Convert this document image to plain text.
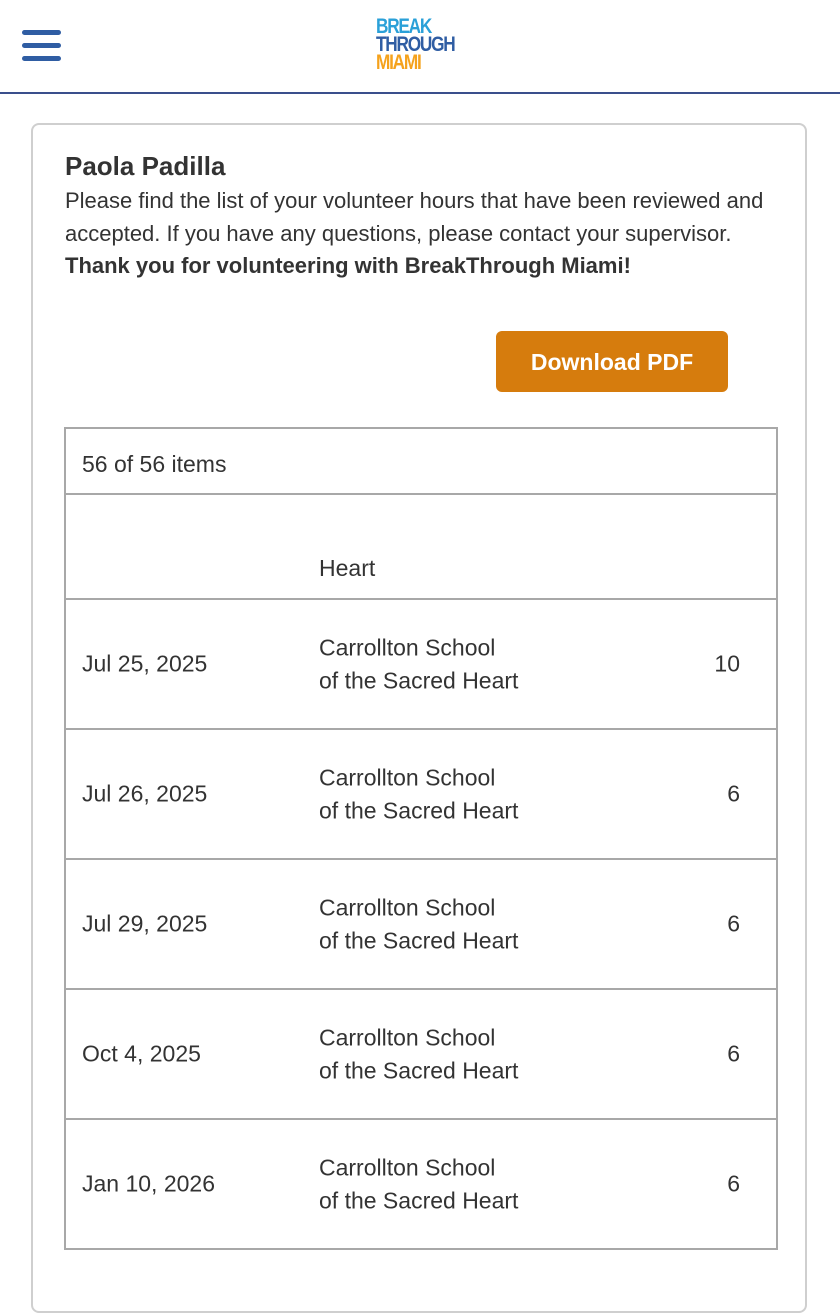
BREAK
THROUGH
MIAMI
Paola Padilla
Please find the list of your volunteer hours that have been reviewed and accepted. If you have any questions, please contact your supervisor.
Thank you for volunteering with BreakThrough Miami!
Download PDF
56 of 56 items
Heart
Jul 25, 2025
Carrollton School of the Sacred Heart
10
Jul 26, 2025
Carrollton School of the Sacred Heart
6
Jul 29, 2025
Carrollton School of the Sacred Heart
6
Oct 4, 2025
Carrollton School of the Sacred Heart
6
Jan 10, 2026
Carrollton School of the Sacred Heart
6
